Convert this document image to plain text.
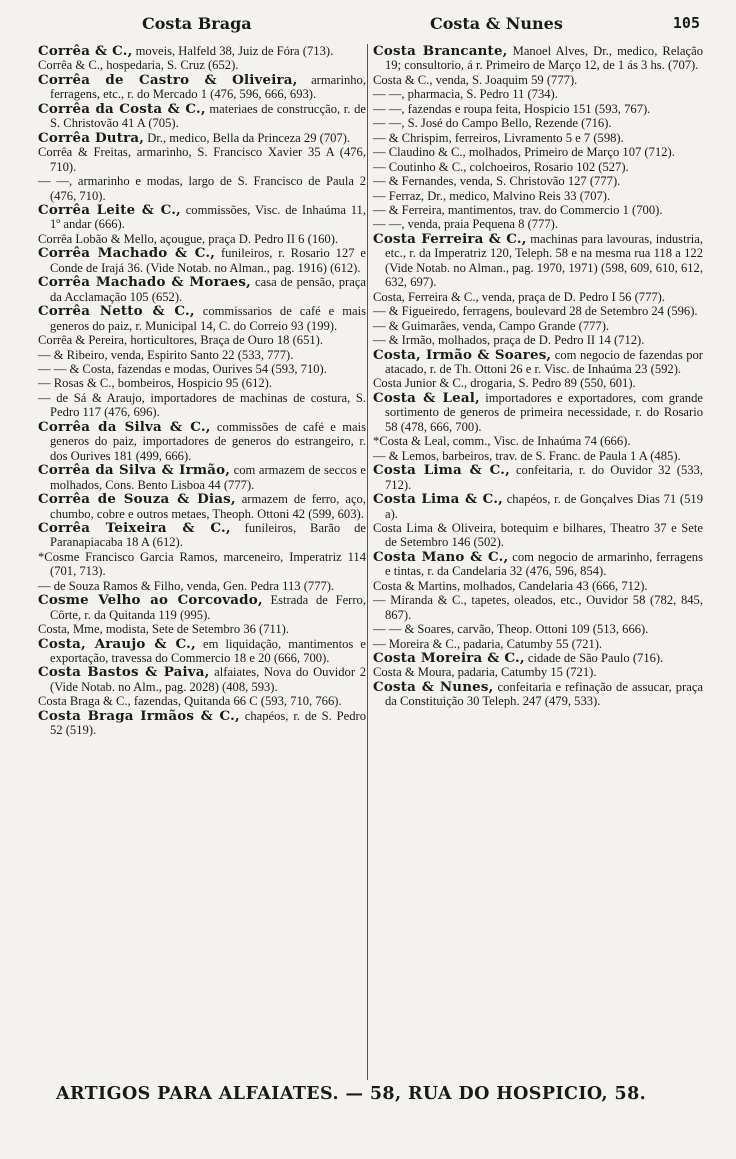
Costa Braga	Costa & Nunes	105

Corrêa & C., moveis, Halfeld 38, Juiz de Fóra (713).

Corrêa & C., hospedaria, S. Cruz (652).

Corrêa de Castro & Oliveira, armarinho, ferragens, etc., r. do Mercado 1 (476, 596, 666, 693).

Corrêa da Costa & C., materiaes de construcção, r. de S. Christovão 41 A (705).

Corrêa Dutra, Dr., medico, Bella da Princeza 29 (707).

Corrêa & Freitas, armarinho, S. Francisco Xavier 35 A (476, 710).

— —, armarinho e modas, largo de S. Francisco de Paula 2 (476, 710).

Corrêa Leite & C., commissões, Visc. de Inhaúma 11, 1º andar (666).

Corrêa Lobão & Mello, açougue, praça D. Pedro II 6 (160).

Corrêa Machado & C., funileiros, r. Rosario 127 e Conde de Irajá 36. (Vide Notab. no Alman., pag. 1916) (612).

Corrêa Machado & Moraes, casa de pensão, praça da Acclamação 105 (652).

Corrêa Netto & C., commissarios de café e mais generos do paiz, r. Municipal 14, C. do Correio 93 (199).

Corrêa & Pereira, horticultores, Braça de Ouro 18 (651).

— & Ribeiro, venda, Espirito Santo 22 (533, 777).

— — & Costa, fazendas e modas, Ourives 54 (593, 710).

— Rosas & C., bombeiros, Hospicio 95 (612).

— de Sá & Araujo, importadores de machinas de costura, S. Pedro 117 (476, 696).

Corrêa da Silva & C., commissões de café e mais generos do paiz, importadores de generos do estrangeiro, r. dos Ourives 181 (499, 666).

Corrêa da Silva & Irmão, com armazem de seccos e molhados, Cons. Bento Lisboa 44 (777).

Corrêa de Souza & Dias, armazem de ferro, aço, chumbo, cobre e outros metaes, Theoph. Ottoni 42 (599, 603).

Corrêa Teixeira & C., funileiros, Barão de Paranapiacaba 18 A (612).

*Cosme Francisco Garcia Ramos, marceneiro, Imperatriz 114 (701, 713).

— de Souza Ramos & Filho, venda, Gen. Pedra 113 (777).

Cosme Velho ao Corcovado, Estrada de Ferro, Côrte, r. da Quitanda 119 (995).

Costa, Mme, modista, Sete de Setembro 36 (711).

Costa, Araujo & C., em liquidação, mantimentos e exportação, travessa do Commercio 18 e 20 (666, 700).

Costa Bastos & Paiva, alfaiates, Nova do Ouvidor 2 (Vide Notab. no Alm., pag. 2028) (408, 593).

Costa Braga & C., fazendas, Quitanda 66 C (593, 710, 766).

Costa Braga Irmãos & C., chapéos, r. de S. Pedro 52 (519).

Costa Brancante, Manoel Alves, Dr., medico, Relação 19; consultorio, á r. Primeiro de Março 12, de 1 ás 3 hs. (707).

Costa & C., venda, S. Joaquim 59 (777).

— —, pharmacia, S. Pedro 11 (734).

— —, fazendas e roupa feita, Hospicio 151 (593, 767).

— —, S. José do Campo Bello, Rezende (716).

— & Chrispim, ferreiros, Livramento 5 e 7 (598).

— Claudino & C., molhados, Primeiro de Março 107 (712).

— Coutinho & C., colchoeiros, Rosario 102 (527).

— & Fernandes, venda, S. Christovão 127 (777).

— Ferraz, Dr., medico, Malvino Reis 33 (707).

— & Ferreira, mantimentos, trav. do Commercio 1 (700).

— —, venda, praia Pequena 8 (777).

Costa Ferreira & C., machinas para lavouras, industria, etc., r. da Imperatriz 120, Teleph. 58 e na mesma rua 118 a 122 (Vide Notab. no Alman., pag. 1970, 1971) (598, 609, 610, 612, 632, 697).

Costa, Ferreira & C., venda, praça de D. Pedro I 56 (777).

— & Figueiredo, ferragens, boulevard 28 de Setembro 24 (596).

— & Guimarães, venda, Campo Grande (777).

— & Irmão, molhados, praça de D. Pedro II 14 (712).

Costa, Irmão & Soares, com negocio de fazendas por atacado, r. de Th. Ottoni 26 e r. Visc. de Inhaúma 23 (592).

Costa Junior & C., drogaria, S. Pedro 89 (550, 601).

Costa & Leal, importadores e exportadores, com grande sortimento de generos de primeira necessidade, r. do Rosario 58 (478, 666, 700).

*Costa & Leal, comm., Visc. de Inhaúma 74 (666).

— & Lemos, barbeiros, trav. de S. Franc. de Paula 1 A (485).

Costa Lima & C., confeitaria, r. do Ouvidor 32 (533, 712).

Costa Lima & C., chapéos, r. de Gonçalves Dias 71 (519 a).

Costa Lima & Oliveira, botequim e bilhares, Theatro 37 e Sete de Setembro 146 (502).

Costa Mano & C., com negocio de armarinho, ferragens e tintas, r. da Candelaria 32 (476, 596, 854).

Costa & Martins, molhados, Candelaria 43 (666, 712).

— Miranda & C., tapetes, oleados, etc., Ouvidor 58 (782, 845, 867).

— — & Soares, carvão, Theop. Ottoni 109 (513, 666).

— Moreira & C., padaria, Catumby 55 (721).

Costa Moreira & C., cidade de São Paulo (716).

Costa & Moura, padaria, Catumby 15 (721).

Costa & Nunes, confeitaria e refinação de assucar, praça da Constituição 30 Teleph. 247 (479, 533).

ARTIGOS PARA ALFAIATES. — 58, RUA DO HOSPICIO, 58.
